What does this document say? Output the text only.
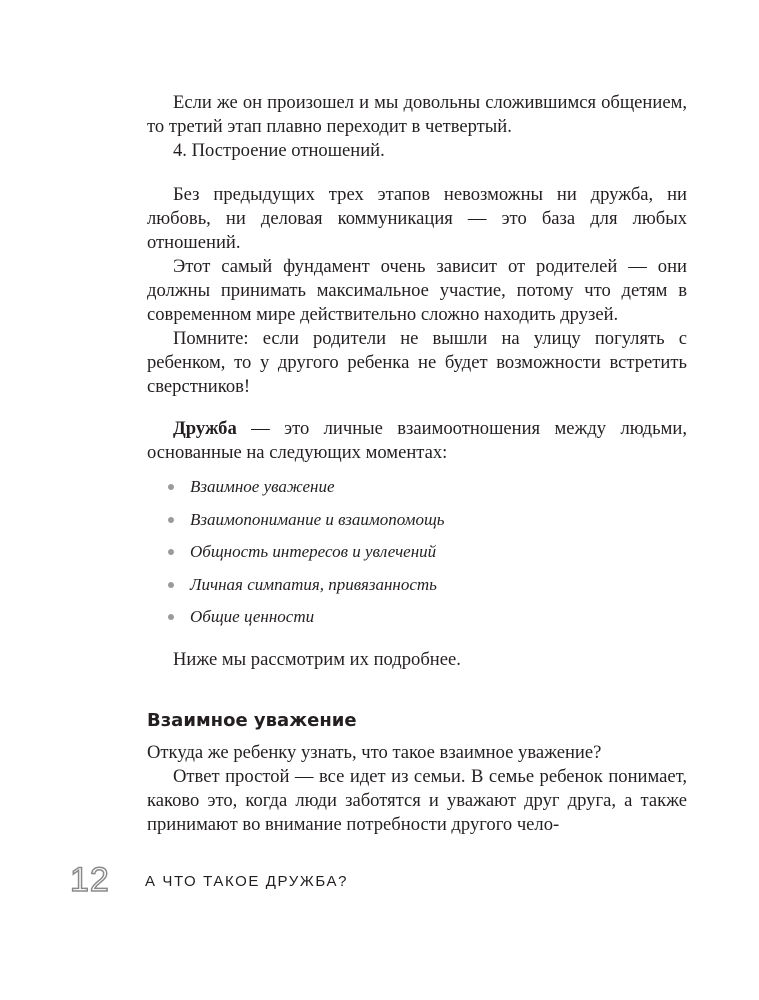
Если же он произошел и мы довольны сложившимся общением, то третий этап плавно переходит в четвертый.

4. Построение отношений.

Без предыдущих трех этапов невозможны ни дружба, ни любовь, ни деловая коммуникация — это база для любых отношений.

Этот самый фундамент очень зависит от родителей — они должны принимать максимальное участие, потому что детям в современном мире действительно сложно находить друзей.

Помните: если родители не вышли на улицу погулять с ребенком, то у другого ребенка не будет возможности встретить сверстников!

Дружба — это личные взаимоотношения между людьми, основанные на следующих моментах:

Взаимное уважение
Взаимопонимание и взаимопомощь
Общность интересов и увлечений
Личная симпатия, привязанность
Общие ценности

Ниже мы рассмотрим их подробнее.

Взаимное уважение

Откуда же ребенку узнать, что такое взаимное уважение?

Ответ простой — все идет из семьи. В семье ребенок понимает, каково это, когда люди заботятся и уважают друг друга, а также принимают во внимание потребности другого чело-

12 А ЧТО ТАКОЕ ДРУЖБА?
